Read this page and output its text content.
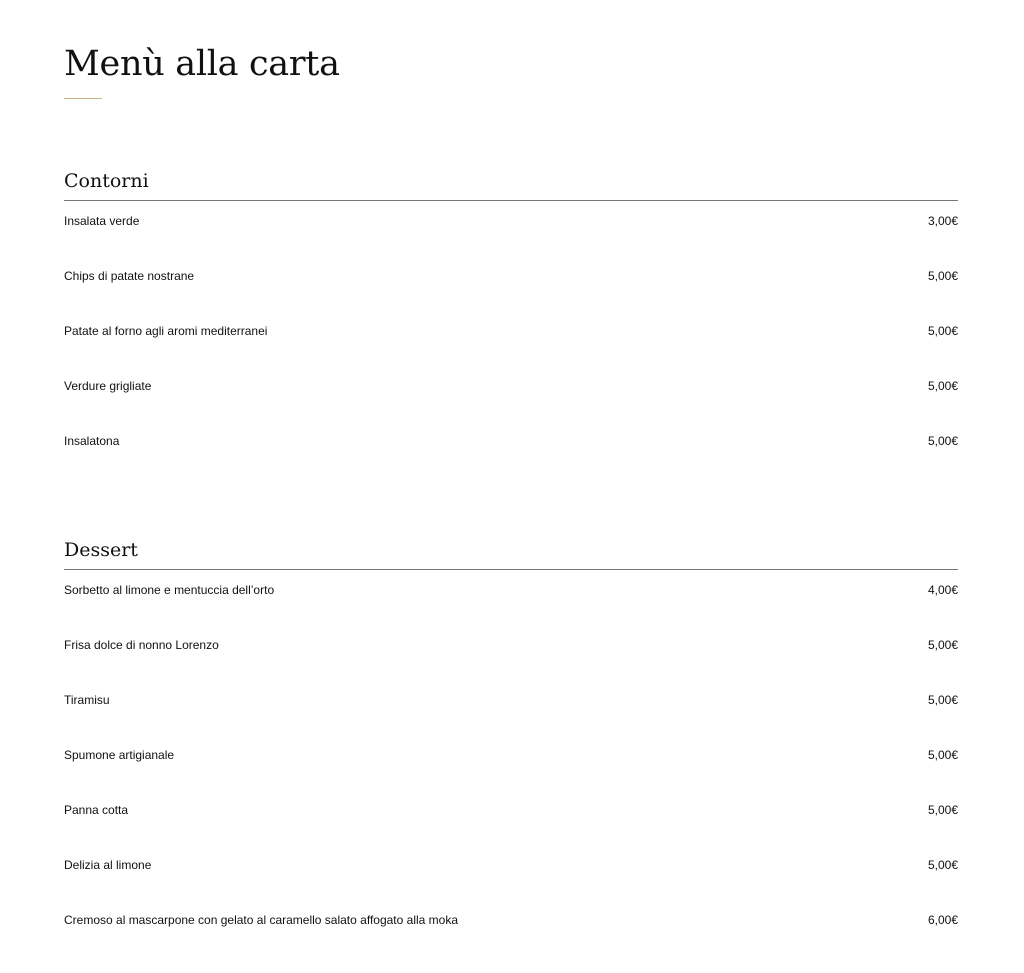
Menù alla carta
Contorni
Insalata verde	3,00€
Chips di patate nostrane	5,00€
Patate al forno agli aromi mediterranei	5,00€
Verdure grigliate	5,00€
Insalatona	5,00€
Dessert
Sorbetto al limone e mentuccia dell’orto	4,00€
Frisa dolce di nonno Lorenzo	5,00€
Tiramisu	5,00€
Spumone artigianale	5,00€
Panna cotta	5,00€
Delizia al limone	5,00€
Cremoso al mascarpone con gelato al caramello salato affogato alla moka	6,00€
